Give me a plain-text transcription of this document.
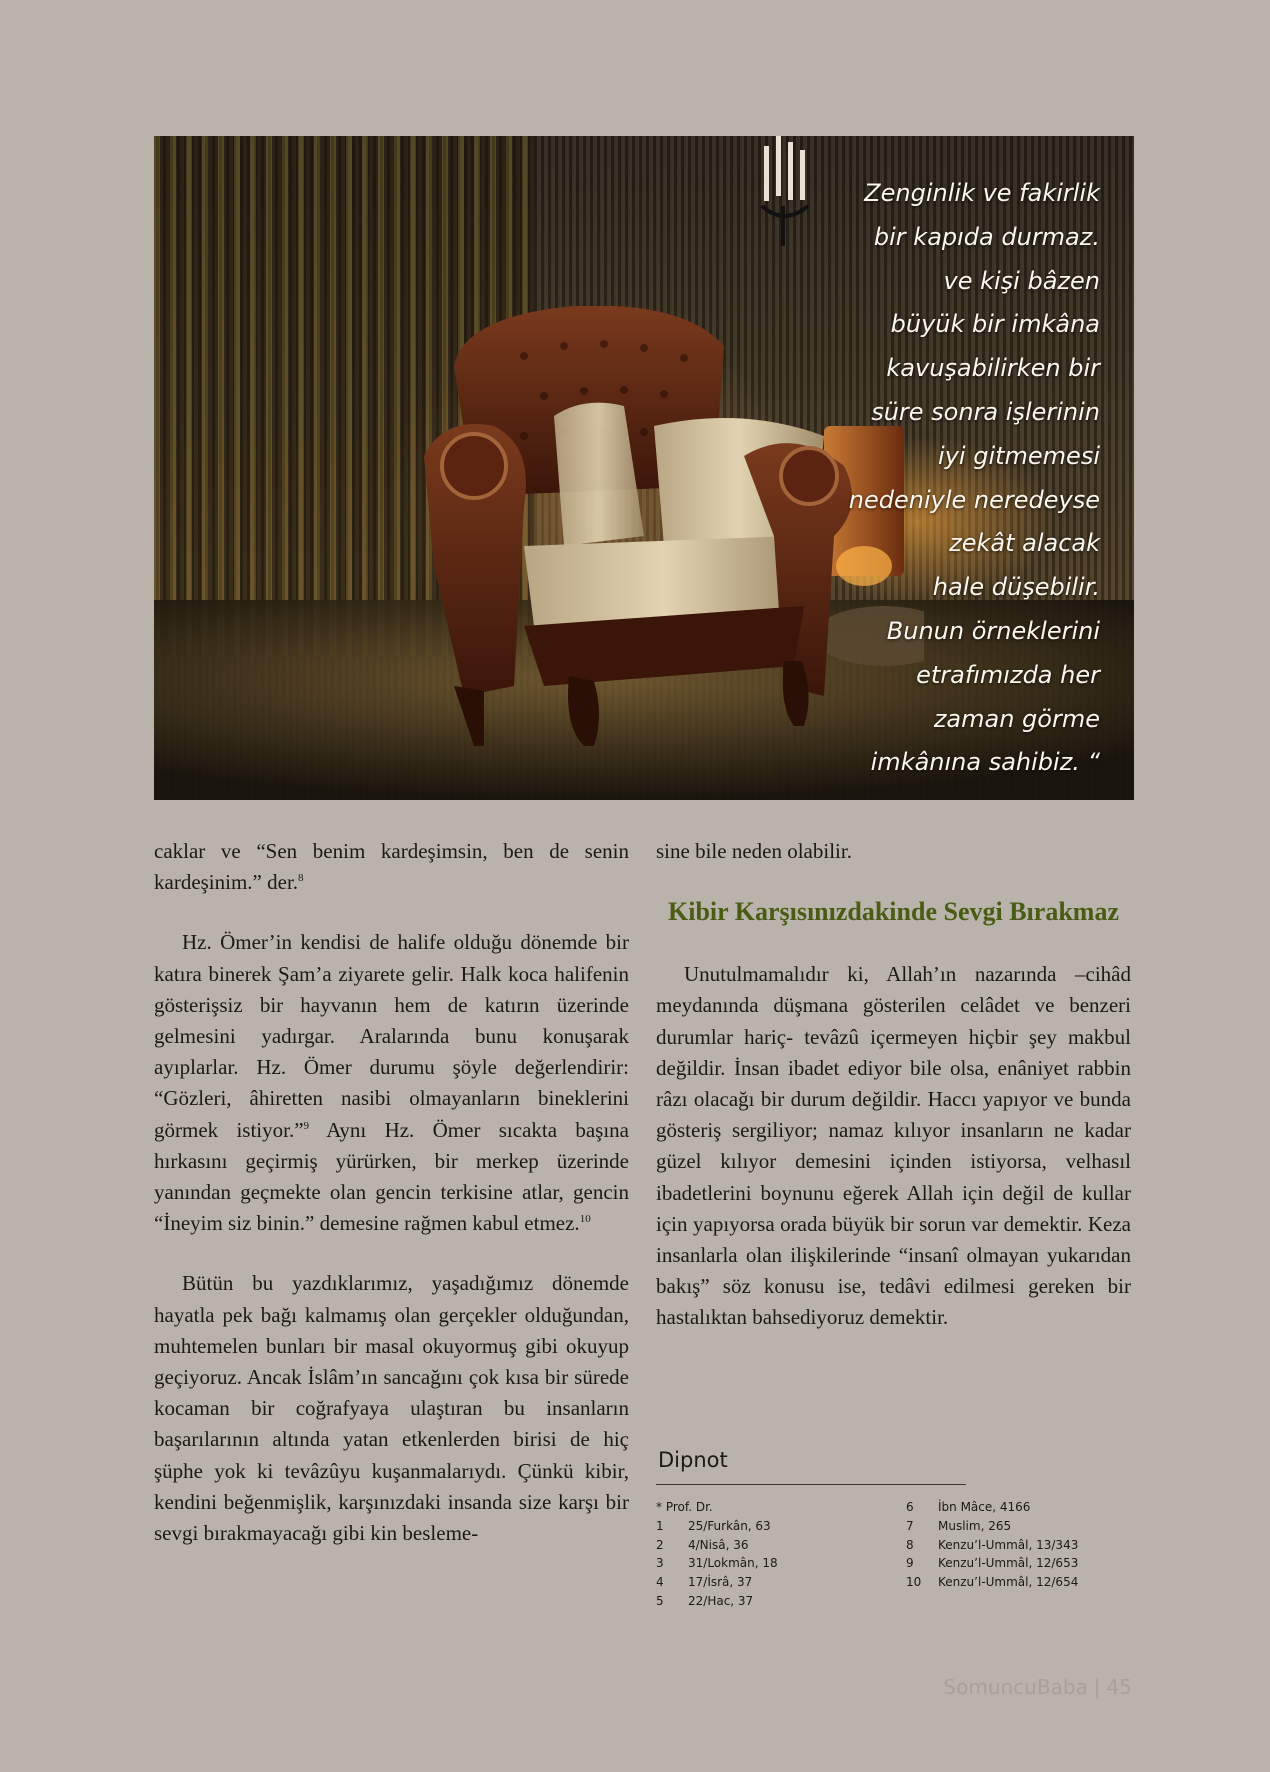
Zenginlik ve fakirlik
bir kapıda durmaz.
ve kişi bâzen
büyük bir imkâna
kavuşabilirken bir
süre sonra işlerinin
iyi gitmemesi
nedeniyle neredeyse
zekât alacak
hale düşebilir.
Bunun örneklerini
etrafımızda her
zaman görme
imkânına sahibiz. “

caklar ve “Sen benim kardeşimsin, ben de senin kardeşinim.” der.$^8$

Hz. Ömer’in kendisi de halife olduğu dönemde bir katıra binerek Şam’a ziyarete gelir. Halk koca halifenin gösterişsiz bir hayvanın hem de katırın üzerinde gelmesini yadırgar. Aralarında bunu konuşarak ayıplarlar. Hz. Ömer durumu şöyle değerlendirir: “Gözleri, âhiretten nasibi olmayanların bineklerini görmek istiyor.”$^9$ Aynı Hz. Ömer sıcakta başına hırkasını geçirmiş yürürken, bir merkep üzerinde yanından geçmekte olan gencin terkisine atlar, gencin “İneyim siz binin.” demesine rağmen kabul etmez.$^{10}$

Bütün bu yazdıklarımız, yaşadığımız dönemde hayatla pek bağı kalmamış olan gerçekler olduğundan, muhtemelen bunları bir masal okuyormuş gibi okuyup geçiyoruz. Ancak İslâm’ın sancağını çok kısa bir sürede kocaman bir coğrafyaya ulaştıran bu insanların başarılarının altında yatan etkenlerden birisi de hiç şüphe yok ki tevâzûyu kuşanmalarıydı. Çünkü kibir, kendini beğenmişlik, karşınızdaki insanda size karşı bir sevgi bırakmayacağı gibi kin besleme-

sine bile neden olabilir.

Kibir Karşısınızdakinde Sevgi Bırakmaz

Unutulmamalıdır ki, Allah’ın nazarında –cihâd meydanında düşmana gösterilen celâdet ve benzeri durumlar hariç- tevâzû içermeyen hiçbir şey makbul değildir. İnsan ibadet ediyor bile olsa, enâniyet rabbin râzı olacağı bir durum değildir. Haccı yapıyor ve bunda gösteriş sergiliyor; namaz kılıyor insanların ne kadar güzel kılıyor demesini içinden istiyorsa, velhasıl ibadetlerini boynunu eğerek Allah için değil de kullar için yapıyorsa orada büyük bir sorun var demektir. Keza insanlarla olan ilişkilerinde “insanî olmayan yukarıdan bakış” söz konusu ise, tedâvi edilmesi gereken bir hastalıktan bahsediyoruz demektir.

Dipnot
* Prof. Dr.
1	25/Furkân, 63
2	4/Nisâ, 36
3	31/Lokmân, 18
4	17/İsrâ, 37
5	22/Hac, 37
6	İbn Mâce, 4166
7	Muslim, 265
8	Kenzu’l-Ummâl, 13/343
9	Kenzu’l-Ummâl, 12/653
10	Kenzu’l-Ummâl, 12/654
SomuncuBaba | 45
